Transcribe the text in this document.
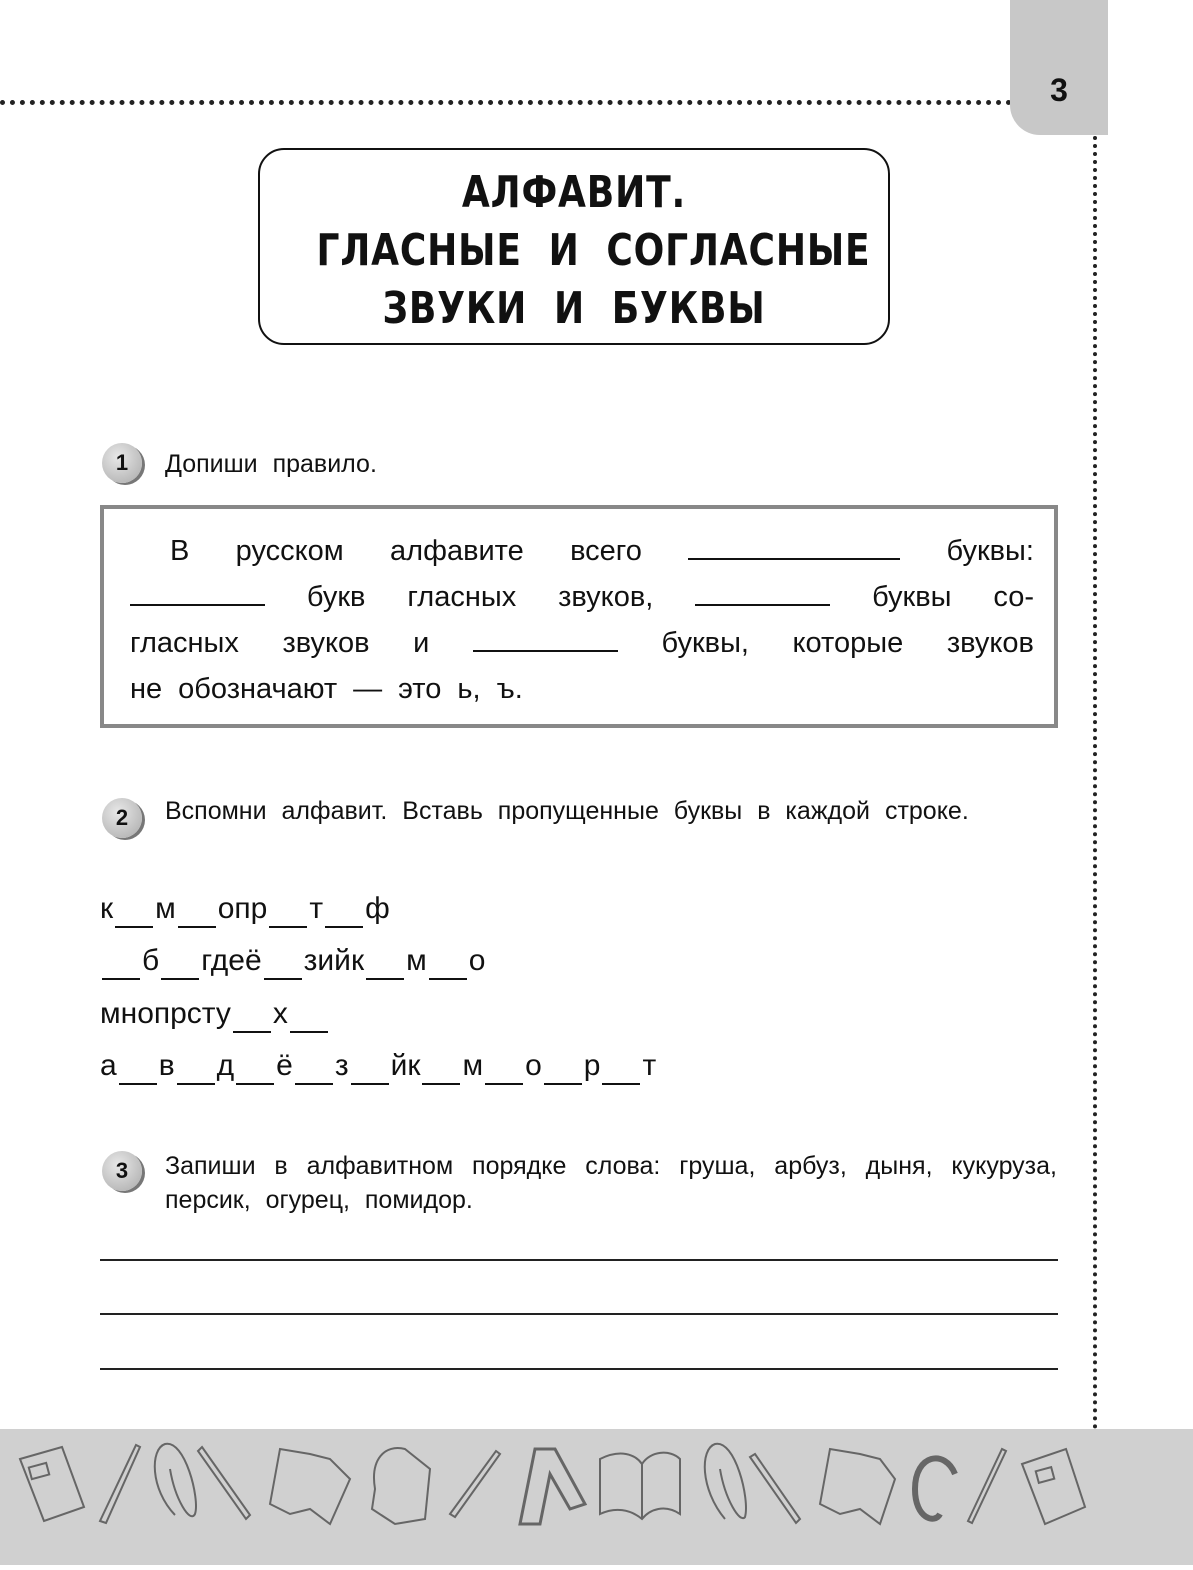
3
АЛФАВИТ.
ГЛАСНЫЕ  И  СОГЛАСНЫЕ
ЗВУКИ  И  БУКВЫ
1	Допиши правило.
В русском алфавите всего	буквы:
букв гласных звуков,	буквы со-
гласных звуков и	буквы, которые звуков
не обозначают — это ь, ъ.
2	Вспомни алфавит. Вставь пропущенные буквы в каждой строке.
к
м
опр
т
ф

б
где ё
зийк
м
о
мнопрсту
х

а
в
д
ё
з
йк
м
о
р
т
3	Запиши в алфавитном порядке слова: груша, арбуз, дыня, кукуруза, персик, огурец, помидор.
